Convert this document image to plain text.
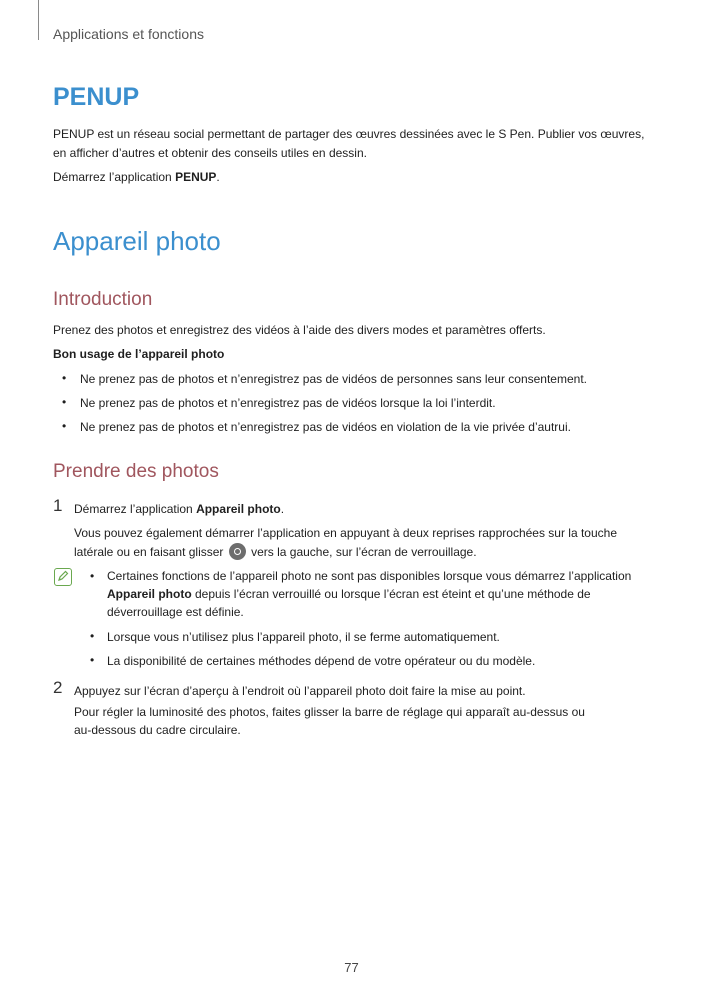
Applications et fonctions
PENUP
PENUP est un réseau social permettant de partager des œuvres dessinées avec le S Pen. Publier vos œuvres,
en afficher d’autres et obtenir des conseils utiles en dessin.
Démarrez l’application PENUP.
Appareil photo
Introduction
Prenez des photos et enregistrez des vidéos à l’aide des divers modes et paramètres offerts.
Bon usage de l’appareil photo
• Ne prenez pas de photos et n’enregistrez pas de vidéos de personnes sans leur consentement.
• Ne prenez pas de photos et n’enregistrez pas de vidéos lorsque la loi l’interdit.
• Ne prenez pas de photos et n’enregistrez pas de vidéos en violation de la vie privée d’autrui.
Prendre des photos
1 Démarrez l’application Appareil photo.
Vous pouvez également démarrer l’application en appuyant à deux reprises rapprochées sur la touche
latérale ou en faisant glisser vers la gauche, sur l’écran de verrouillage.
• Certaines fonctions de l’appareil photo ne sont pas disponibles lorsque vous démarrez l’application
Appareil photo depuis l’écran verrouillé ou lorsque l’écran est éteint et qu’une méthode de
déverrouillage est définie.
• Lorsque vous n’utilisez plus l’appareil photo, il se ferme automatiquement.
• La disponibilité de certaines méthodes dépend de votre opérateur ou du modèle.
2 Appuyez sur l’écran d’aperçu à l’endroit où l’appareil photo doit faire la mise au point.
Pour régler la luminosité des photos, faites glisser la barre de réglage qui apparaît au-dessus ou
au-dessous du cadre circulaire.
77
